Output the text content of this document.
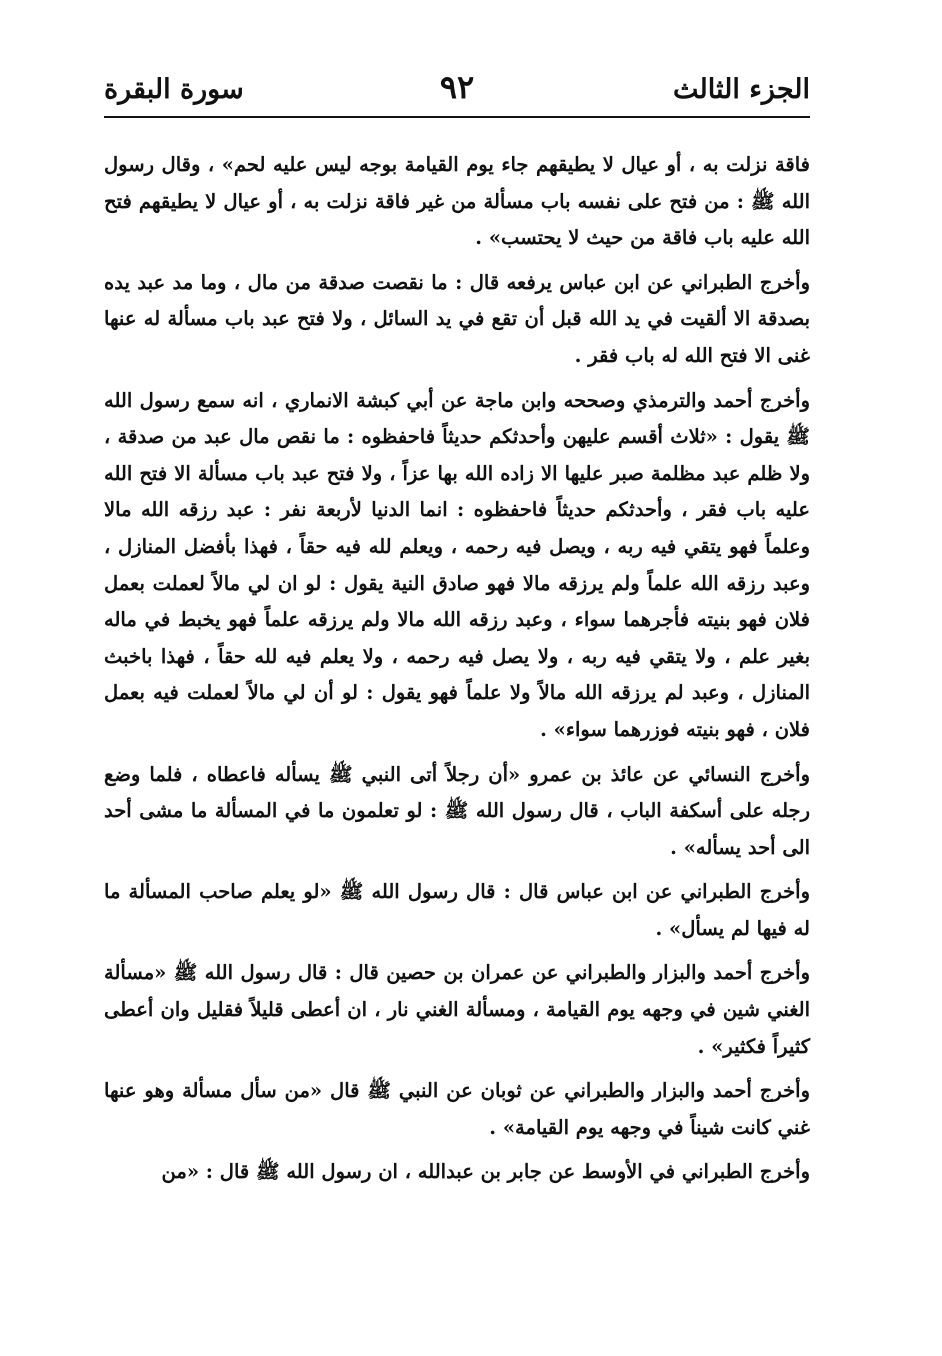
الجزء الثالث
٩٢
سورة البقرة

فاقة نزلت به ، أو عيال لا يطيقهم جاء يوم القيامة بوجه ليس عليه لحم» ، وقال رسول الله ﷺ : من فتح على نفسه باب مسألة من غير فاقة نزلت به ، أو عيال لا يطيقهم فتح الله عليه باب فاقة من حيث لا يحتسب» .

وأخرج الطبراني عن ابن عباس يرفعه قال : ما نقصت صدقة من مال ، وما مد عبد يده بصدقة الا ألقيت في يد الله قبل أن تقع في يد السائل ، ولا فتح عبد باب مسألة له عنها غنى الا فتح الله له باب فقر .

وأخرج أحمد والترمذي وصححه وابن ماجة عن أبي كبشة الانماري ، انه سمع رسول الله ﷺ يقول : «ثلاث أقسم عليهن وأحدثكم حديثاً فاحفظوه : ما نقص مال عبد من صدقة ، ولا ظلم عبد مظلمة صبر عليها الا زاده الله بها عزاً ، ولا فتح عبد باب مسألة الا فتح الله عليه باب فقر ، وأحدثكم حديثاً فاحفظوه : انما الدنيا لأربعة نفر : عبد رزقه الله مالا وعلماً فهو يتقي فيه ربه ، ويصل فيه رحمه ، ويعلم لله فيه حقاً ، فهذا بأفضل المنازل ، وعبد رزقه الله علماً ولم يرزقه مالا فهو صادق النية يقول : لو ان لي مالاً لعملت بعمل فلان فهو بنيته فأجرهما سواء ، وعبد رزقه الله مالا ولم يرزقه علماً فهو يخبط في ماله بغير علم ، ولا يتقي فيه ربه ، ولا يصل فيه رحمه ، ولا يعلم فيه لله حقاً ، فهذا باخبث المنازل ، وعبد لم يرزقه الله مالاً ولا علماً فهو يقول : لو أن لي مالاً لعملت فيه بعمل فلان ، فهو بنيته فوزرهما سواء» .

وأخرج النسائي عن عائذ بن عمرو «أن رجلاً أتى النبي ﷺ يسأله فاعطاه ، فلما وضع رجله على أسكفة الباب ، قال رسول الله ﷺ : لو تعلمون ما في المسألة ما مشى أحد الى أحد يسأله» .

وأخرج الطبراني عن ابن عباس قال : قال رسول الله ﷺ «لو يعلم صاحب المسألة ما له فيها لم يسأل» .

وأخرج أحمد والبزار والطبراني عن عمران بن حصين قال : قال رسول الله ﷺ «مسألة الغني شين في وجهه يوم القيامة ، ومسألة الغني نار ، ان أعطى قليلاً فقليل وان أعطى كثيراً فكثير» .

وأخرج أحمد والبزار والطبراني عن ثوبان عن النبي ﷺ قال «من سأل مسألة وهو عنها غني كانت شيناً في وجهه يوم القيامة» .

وأخرج الطبراني في الأوسط عن جابر بن عبدالله ، ان رسول الله ﷺ قال : «من
